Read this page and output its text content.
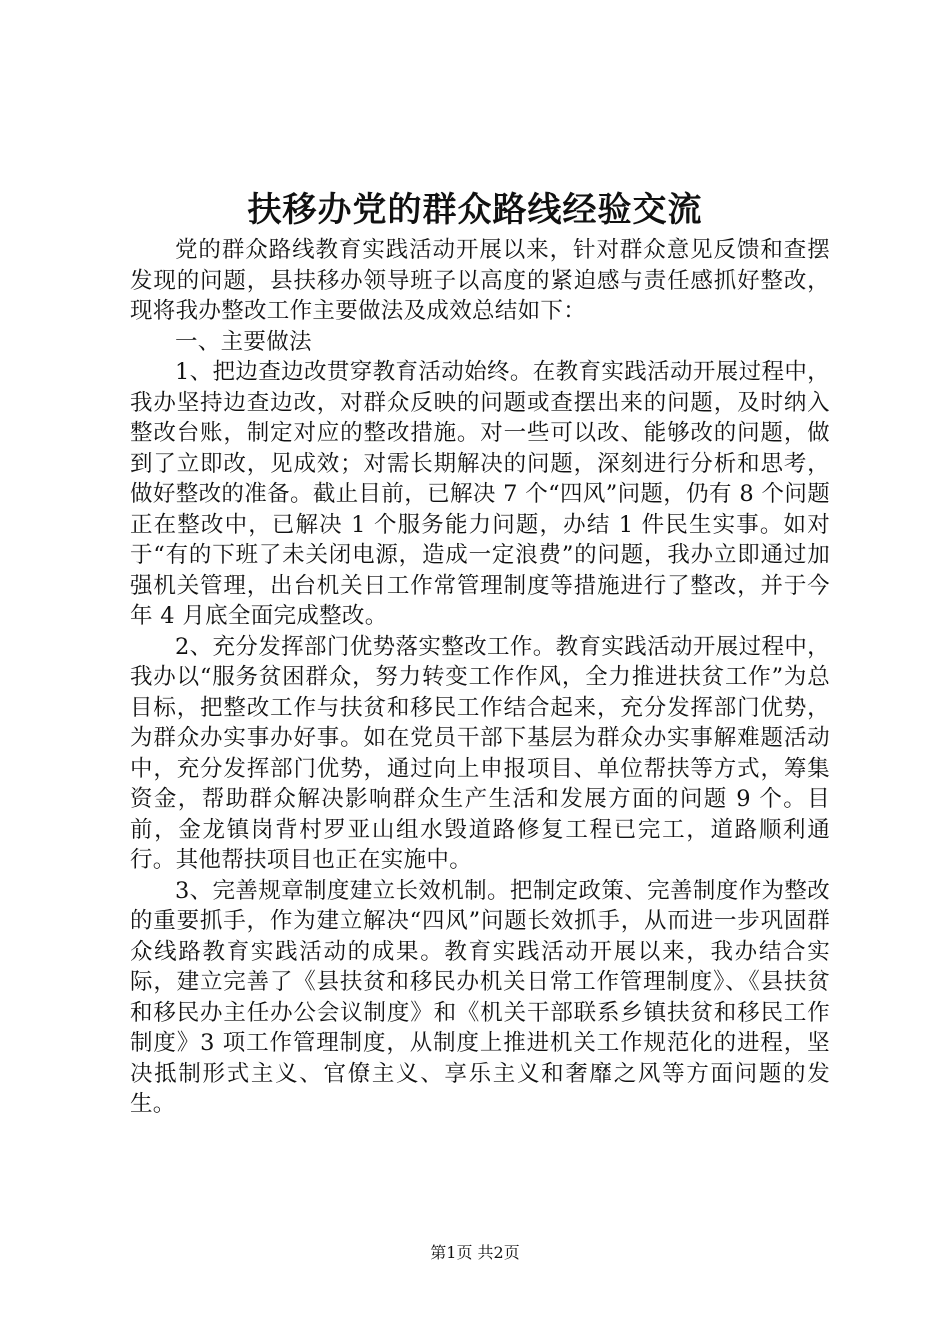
扶移办党的群众路线经验交流

党的群众路线教育实践活动开展以来，针对群众意见反馈和查摆发现的问题，县扶移办领导班子以高度的紧迫感与责任感抓好整改，现将我办整改工作主要做法及成效总结如下：

一、主要做法

1、把边查边改贯穿教育活动始终。在教育实践活动开展过程中，我办坚持边查边改，对群众反映的问题或查摆出来的问题，及时纳入整改台账，制定对应的整改措施。对一些可以改、能够改的问题，做到了立即改，见成效；对需长期解决的问题，深刻进行分析和思考，做好整改的准备。截止目前，已解决 7 个“四风”问题，仍有 8 个问题正在整改中，已解决 1 个服务能力问题，办结 1 件民生实事。如对于“有的下班了未关闭电源，造成一定浪费”的问题，我办立即通过加强机关管理，出台机关日工作常管理制度等措施进行了整改，并于今年 4 月底全面完成整改。

2、充分发挥部门优势落实整改工作。教育实践活动开展过程中，我办以“服务贫困群众，努力转变工作作风，全力推进扶贫工作”为总目标，把整改工作与扶贫和移民工作结合起来，充分发挥部门优势，为群众办实事办好事。如在党员干部下基层为群众办实事解难题活动中，充分发挥部门优势，通过向上申报项目、单位帮扶等方式，筹集资金，帮助群众解决影响群众生产生活和发展方面的问题 9 个。目前，金龙镇岗背村罗亚山组水毁道路修复工程已完工，道路顺利通行。其他帮扶项目也正在实施中。

3、完善规章制度建立长效机制。把制定政策、完善制度作为整改的重要抓手，作为建立解决“四风”问题长效抓手，从而进一步巩固群众线路教育实践活动的成果。教育实践活动开展以来，我办结合实际，建立完善了《县扶贫和移民办机关日常工作管理制度》、《县扶贫和移民办主任办公会议制度》和《机关干部联系乡镇扶贫和移民工作制度》3 项工作管理制度，从制度上推进机关工作规范化的进程，坚决抵制形式主义、官僚主义、享乐主义和奢靡之风等方面问题的发生。

第1页 共2页
